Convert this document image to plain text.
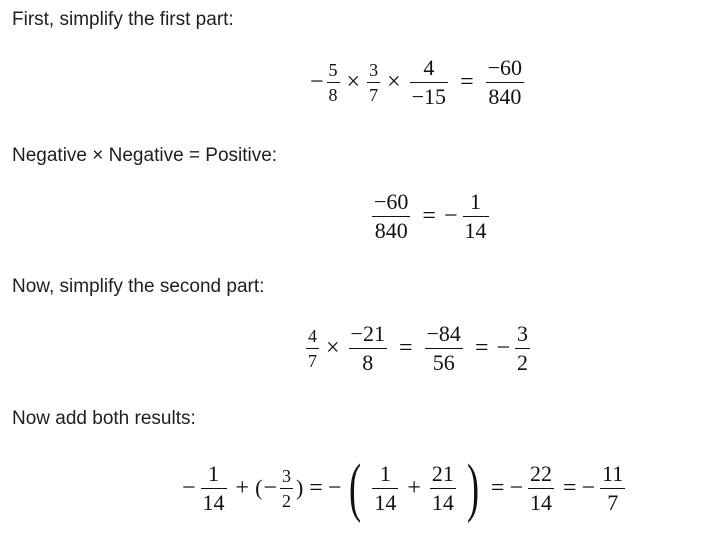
First, simplify the first part:
− $\frac{5}{8} \times \frac{3}{7} \times \frac{4}{-15} = \frac{-60}{840}$
Negative × Negative = Positive:
$\frac{-60}{840}$ = − $\frac{1}{14}$
Now, simplify the second part:
$\frac{4}{7} \times \frac{-21}{8} = \frac{-84}{56}$ = − $\frac{3}{2}$
Now add both results:
− $\frac{1}{14}$ + ( − $\frac{3}{2}$ ) = − ( $\frac{1}{14} + \frac{21}{14}$ ) = − $\frac{22}{14}$ = − $\frac{11}{7}$
